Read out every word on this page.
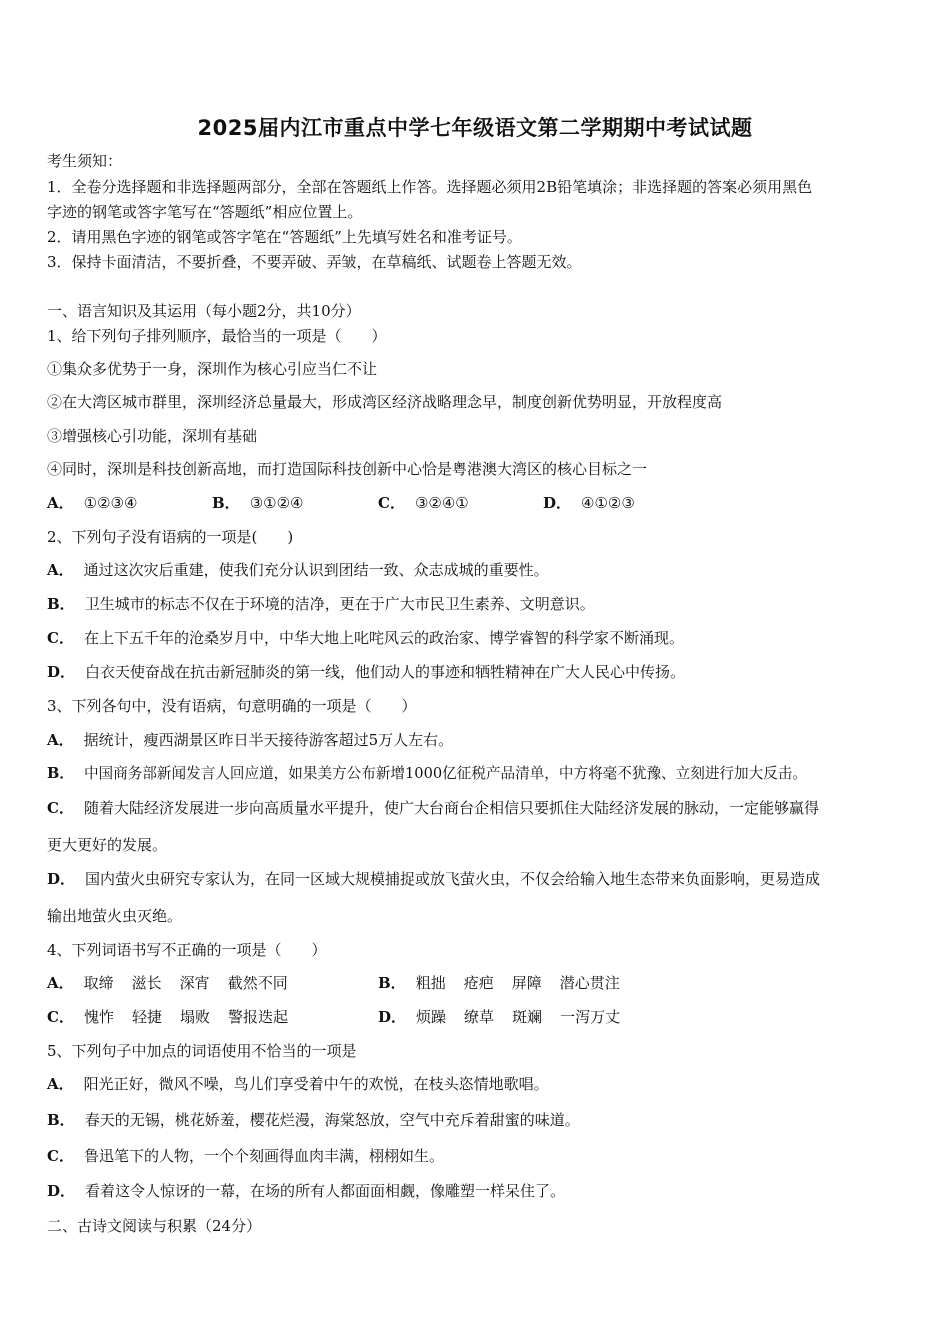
2025届内江市重点中学七年级语文第二学期期中考试试题
考生须知：
1．全卷分选择题和非选择题两部分，全部在答题纸上作答。选择题必须用2B铅笔填涂；非选择题的答案必须用黑色
字迹的钢笔或答字笔写在“答题纸”相应位置上。
2．请用黑色字迹的钢笔或答字笔在“答题纸”上先填写姓名和准考证号。
3．保持卡面清洁，不要折叠，不要弄破、弄皱，在草稿纸、试题卷上答题无效。
一、语言知识及其运用（每小题2分，共10分）
1、给下列句子排列顺序，最恰当的一项是（　　）
①集众多优势于一身，深圳作为核心引应当仁不让
②在大湾区城市群里，深圳经济总量最大，形成湾区经济战略理念早，制度创新优势明显，开放程度高
③增强核心引功能，深圳有基础
④同时，深圳是科技创新高地，而打造国际科技创新中心恰是粤港澳大湾区的核心目标之一
A． ①②③④	B． ③①②④	C． ③②④①	D． ④①②③
2、下列句子没有语病的一项是(　　)
A． 通过这次灾后重建，使我们充分认识到团结一致、众志成城的重要性。
B． 卫生城市的标志不仅在于环境的洁净，更在于广大市民卫生素养、文明意识。
C． 在上下五千年的沧桑岁月中，中华大地上叱咤风云的政治家、博学睿智的科学家不断涌现。
D． 白衣天使奋战在抗击新冠肺炎的第一线，他们动人的事迹和牺牲精神在广大人民心中传扬。
3、下列各句中，没有语病，句意明确的一项是（　　）
A． 据统计，瘦西湖景区昨日半天接待游客超过5万人左右。
B． 中国商务部新闻发言人回应道，如果美方公布新增1000亿征税产品清单，中方将毫不犹豫、立刻进行加大反击。
C． 随着大陆经济发展进一步向高质量水平提升，使广大台商台企相信只要抓住大陆经济发展的脉动，一定能够赢得
更大更好的发展。
D． 国内萤火虫研究专家认为，在同一区域大规模捕捉或放飞萤火虫，不仅会给输入地生态带来负面影响，更易造成
输出地萤火虫灭绝。
4、下列词语书写不正确的一项是（　　）
A． 取缔 滋长 深宵 截然不同	B． 粗拙 疮疤 屏障 潜心贯注
C． 愧怍 轻捷 塌败 警报迭起	D． 烦躁 缭草 斑斓 一泻万丈
5、下列句子中加点的词语使用不恰当的一项是
A． 阳光正好，微风不噪，鸟儿们享受着中午的欢悦，在枝头恣情地歌唱。
B． 春天的无锡，桃花娇羞，樱花烂漫，海棠怒放，空气中充斥着甜蜜的味道。
C． 鲁迅笔下的人物，一个个刻画得血肉丰满，栩栩如生。
D． 看着这令人惊讶的一幕，在场的所有人都面面相觑，像雕塑一样呆住了。
二、古诗文阅读与积累（24分）
